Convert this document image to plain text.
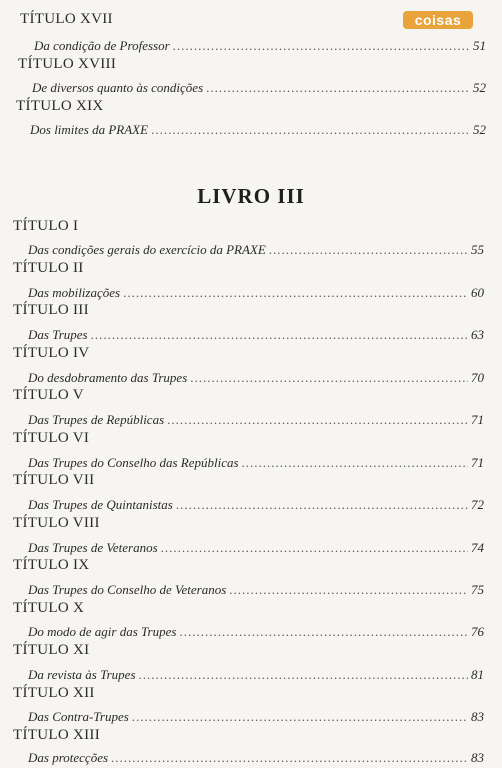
coisas
TÍTULO XVII
Da condição de Professor .....	51
TÍTULO XVIII
De diversos quanto às condições .....	52
TÍTULO XIX
Dos limites da PRAXE .....	52
LIVRO III
TÍTULO I
Das condições gerais do exercício da PRAXE .....	55
TÍTULO II
Das mobilizações .....	60
TÍTULO III
Das Trupes .....	63
TÍTULO IV
Do desdobramento das Trupes .....	70
TÍTULO V
Das Trupes de Repúblicas .....	71
TÍTULO VI
Das Trupes do Conselho das Repúblicas .....	71
TÍTULO VII
Das Trupes de Quintanistas .....	72
TÍTULO VIII
Das Trupes de Veteranos .....	74
TÍTULO IX
Das Trupes do Conselho de Veteranos .....	75
TÍTULO X
Do modo de agir das Trupes .....	76
TÍTULO XI
Da revista às Trupes .....	81
TÍTULO XII
Das Contra-Trupes .....	83
TÍTULO XIII
Das protecções .....	83
